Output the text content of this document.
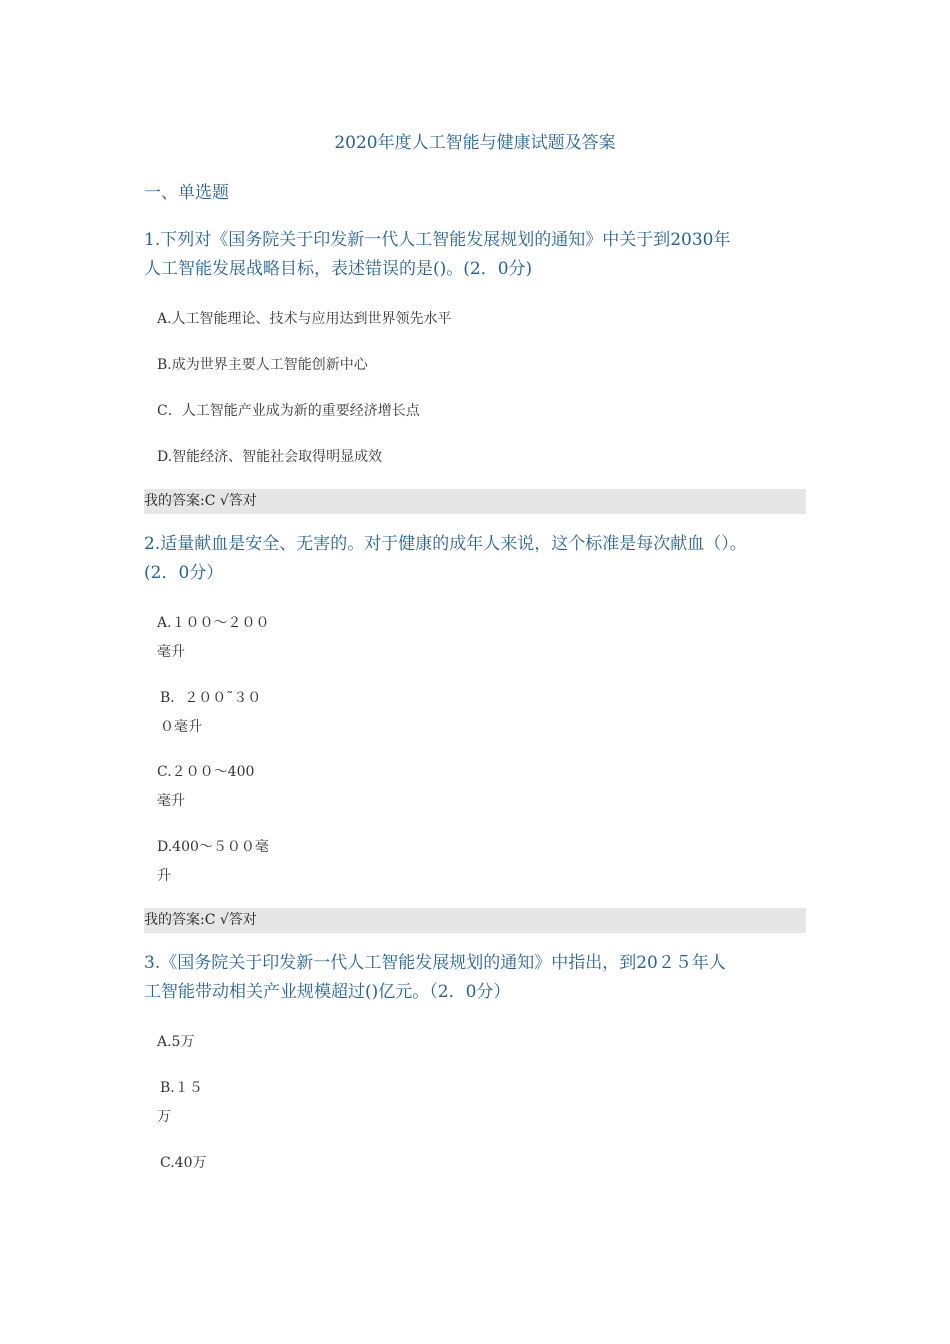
2020年度人工智能与健康试题及答案
一、单选题
1.下列对《国务院关于印发新一代人工智能发展规划的通知》中关于到2030年
人工智能发展战略目标，表述错误的是()。(2．0分)
A.人工智能理论、技术与应用达到世界领先水平
B.成为世界主要人工智能创新中心
C．人工智能产业成为新的重要经济增长点
D.智能经济、智能社会取得明显成效
我的答案:C √答对
2.适量献血是安全、无害的。对于健康的成年人来说，这个标准是每次献血（）。
(2．0分）
A.１００～２００
毫升
B．２００˜３０
０毫升
C.２００～400
毫升
D.400～５００毫
升
我的答案:C √答对
3.《国务院关于印发新一代人工智能发展规划的通知》中指出，到20２５年人
工智能带动相关产业规模超过()亿元。（2．0分）
A.5万
B.１５
万
C.40万
